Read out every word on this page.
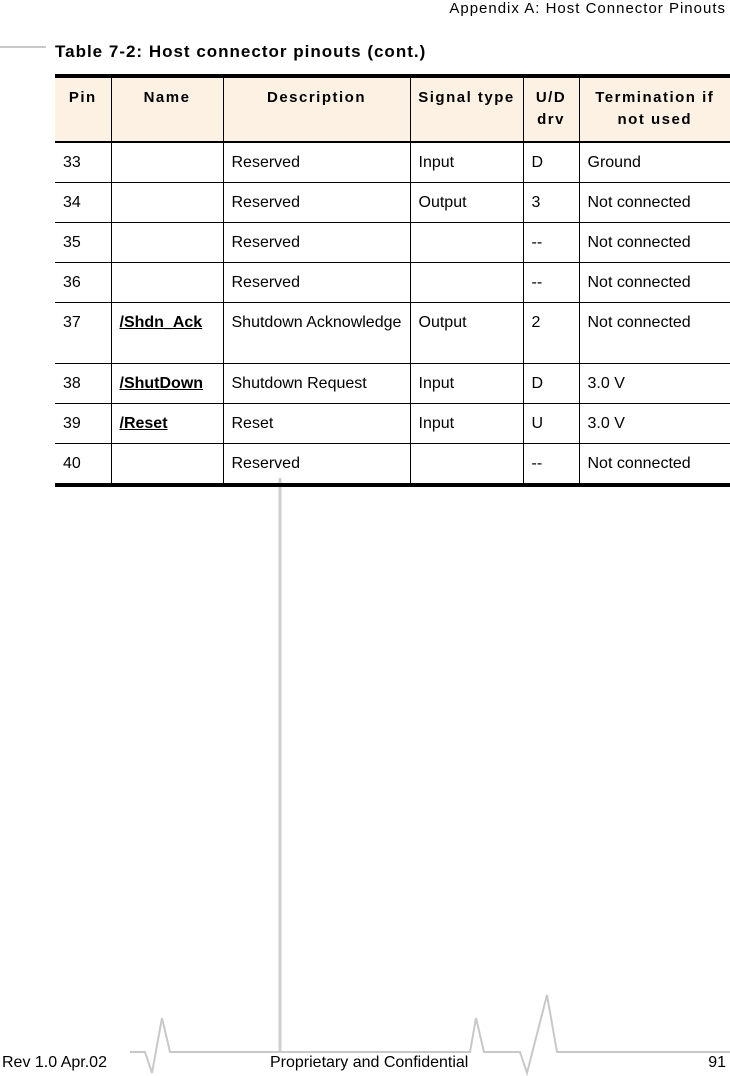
Appendix A: Host Connector Pinouts
Table 7-2: Host connector pinouts (cont.)
Pin	Name	Description	Signal type	U/D drv	Termination if not used
33		Reserved	Input	D	Ground
34		Reserved	Output	3	Not connected
35		Reserved		--	Not connected
36		Reserved		--	Not connected
37	/Shdn_Ack	Shutdown Acknowledge	Output	2	Not connected
38	/ShutDown	Shutdown Request	Input	D	3.0 V
39	/Reset	Reset	Input	U	3.0 V
40		Reserved		--	Not connected
Rev 1.0 Apr.02	Proprietary and Confidential	91
